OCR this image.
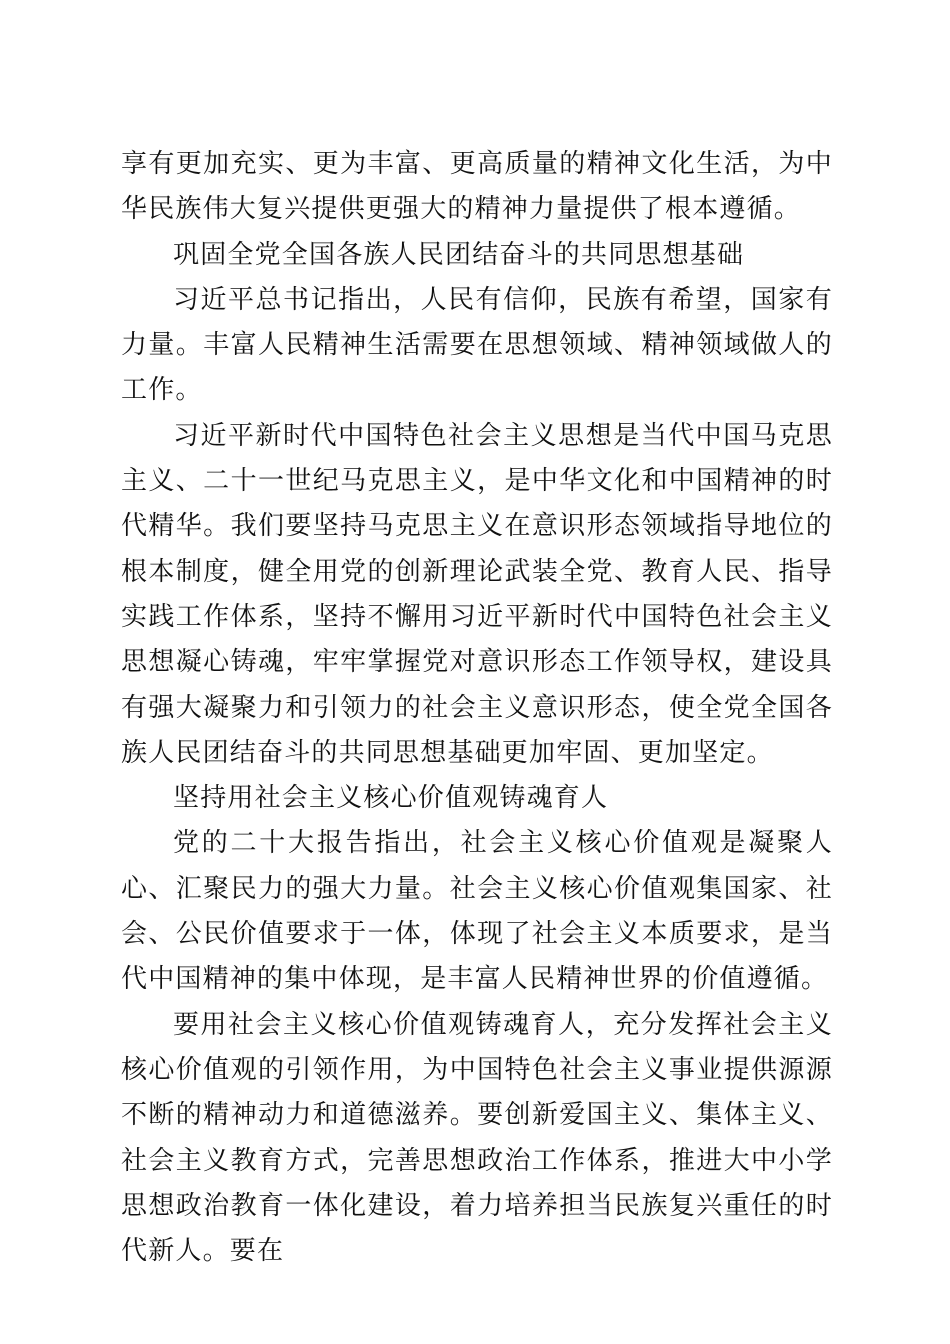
享有更加充实、更为丰富、更高质量的精神文化生活，为中华民族伟大复兴提供更强大的精神力量提供了根本遵循。

巩固全党全国各族人民团结奋斗的共同思想基础

习近平总书记指出，人民有信仰，民族有希望，国家有力量。丰富人民精神生活需要在思想领域、精神领域做人的工作。

习近平新时代中国特色社会主义思想是当代中国马克思主义、二十一世纪马克思主义，是中华文化和中国精神的时代精华。我们要坚持马克思主义在意识形态领域指导地位的根本制度，健全用党的创新理论武装全党、教育人民、指导实践工作体系，坚持不懈用习近平新时代中国特色社会主义思想凝心铸魂，牢牢掌握党对意识形态工作领导权，建设具有强大凝聚力和引领力的社会主义意识形态，使全党全国各族人民团结奋斗的共同思想基础更加牢固、更加坚定。

坚持用社会主义核心价值观铸魂育人

党的二十大报告指出，社会主义核心价值观是凝聚人心、汇聚民力的强大力量。社会主义核心价值观集国家、社会、公民价值要求于一体，体现了社会主义本质要求，是当代中国精神的集中体现，是丰富人民精神世界的价值遵循。

要用社会主义核心价值观铸魂育人，充分发挥社会主义核心价值观的引领作用，为中国特色社会主义事业提供源源不断的精神动力和道德滋养。要创新爱国主义、集体主义、社会主义教育方式，完善思想政治工作体系，推进大中小学思想政治教育一体化建设，着力培养担当民族复兴重任的时代新人。要在
